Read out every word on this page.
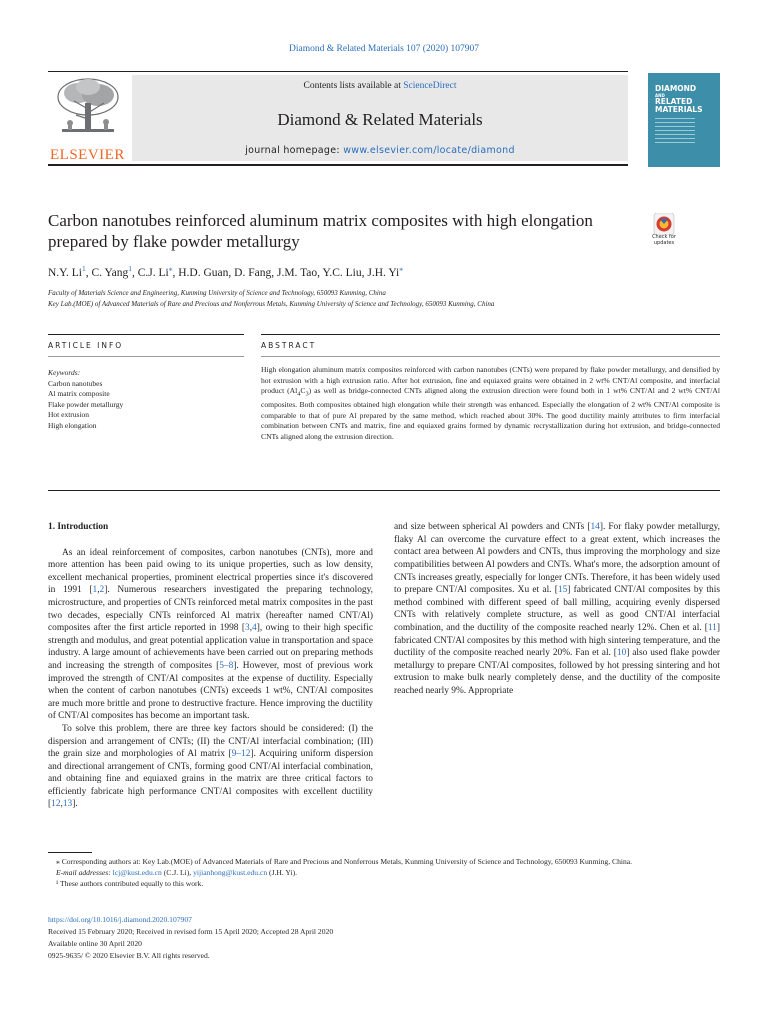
Diamond & Related Materials 107 (2020) 107907
ELSEVIER
Contents lists available at ScienceDirect
Diamond & Related Materials
journal homepage: www.elsevier.com/locate/diamond
DIAMOND
AND
RELATED
MATERIALS
Carbon nanotubes reinforced aluminum matrix composites with high elongation prepared by flake powder metallurgy	Check for updates
N.Y. Li$^1$, C. Yang$^1$, C.J. Li⁎, H.D. Guan, D. Fang, J.M. Tao, Y.C. Liu, J.H. Yi⁎
Faculty of Materials Science and Engineering, Kunming University of Science and Technology, 650093 Kunming, China
Key Lab.(MOE) of Advanced Materials of Rare and Precious and Nonferrous Metals, Kunming University of Science and Technology, 650093 Kunming, China
ARTICLE INFO	ABSTRACT
Keywords:
Carbon nanotubes
Al matrix composite
Flake powder metallurgy
Hot extrusion
High elongation
High elongation aluminum matrix composites reinforced with carbon nanotubes (CNTs) were prepared by flake powder metallurgy, and densified by hot extrusion with a high extrusion ratio. After hot extrusion, fine and equiaxed grains were obtained in 2 wt% CNT/Al composite, and interfacial product $(Al_4C_3)$ as well as bridge-connected CNTs aligned along the extrusion direction were found both in 1 wt% CNT/Al and 2 wt% CNT/Al composites. Both composites obtained high elongation while their strength was enhanced. Especially the elongation of 2 wt% CNT/Al composite is comparable to that of pure Al prepared by the same method, which reached about 30%. The good ductility mainly attributes to firm interfacial combination between CNTs and matrix, fine and equiaxed grains formed by dynamic recrystallization during hot extrusion, and bridge-connected CNTs aligned along the extrusion direction.
1. Introduction

As an ideal reinforcement of composites, carbon nanotubes (CNTs), more and more attention has been paid owing to its unique properties, such as low density, excellent mechanical properties, prominent electrical properties since it's discovered in 1991 [1,2]. Numerous researchers investigated the preparing technology, microstructure, and properties of CNTs reinforced metal matrix composites in the past two decades, especially CNTs reinforced Al matrix (hereafter named CNT/Al) composites after the first article reported in 1998 [3,4], owing to their high specific strength and modulus, and great potential application value in transportation and space industry. A large amount of achievements have been carried out on preparing methods and increasing the strength of composites [5–8]. However, most of previous work improved the strength of CNT/Al composites at the expense of ductility. Especially when the content of carbon nanotubes (CNTs) exceeds 1 wt%, CNT/Al composites are much more brittle and prone to destructive fracture. Hence improving the ductility of CNT/Al composites has become an important task.

To solve this problem, there are three key factors should be considered: (I) the dispersion and arrangement of CNTs; (II) the CNT/Al interfacial combination; (III) the grain size and morphologies of Al matrix [9–12]. Acquiring uniform dispersion and directional arrangement of CNTs, forming good CNT/Al interfacial combination, and obtaining fine and equiaxed grains in the matrix are three critical factors to efficiently fabricate high performance CNT/Al composites with excellent ductility [12,13].

and size between spherical Al powders and CNTs [14]. For flaky powder metallurgy, flaky Al can overcome the curvature effect to a great extent, which increases the contact area between Al powders and CNTs, thus improving the morphology and size compatibilities between Al powders and CNTs. What's more, the adsorption amount of CNTs increases greatly, especially for longer CNTs. Therefore, it has been widely used to prepare CNT/Al composites. Xu et al. [15] fabricated CNT/Al composites by this method combined with different speed of ball milling, acquiring evenly dispersed CNTs with relatively complete structure, as well as good CNT/Al interfacial combination, and the ductility of the composite reached nearly 12%. Chen et al. [11] fabricated CNT/Al composites by this method with high sintering temperature, and the ductility of the composite reached nearly 20%. Fan et al. [10] also used flake powder metallurgy to prepare CNT/Al composites, followed by hot pressing sintering and hot extrusion to make bulk nearly completely dense, and the ductility of the composite reached nearly 9%. Appropriate

⁎ Corresponding authors at: Key Lab.(MOE) of Advanced Materials of Rare and Precious and Nonferrous Metals, Kunming University of Science and Technology, 650093 Kunming, China.

E-mail addresses: lcj@kust.edu.cn (C.J. Li), yijianhong@kust.edu.cn (J.H. Yi).

¹ These authors contributed equally to this work.

https://doi.org/10.1016/j.diamond.2020.107907
Received 15 February 2020; Received in revised form 15 April 2020; Accepted 28 April 2020
Available online 30 April 2020
0925-9635/ © 2020 Elsevier B.V. All rights reserved.
